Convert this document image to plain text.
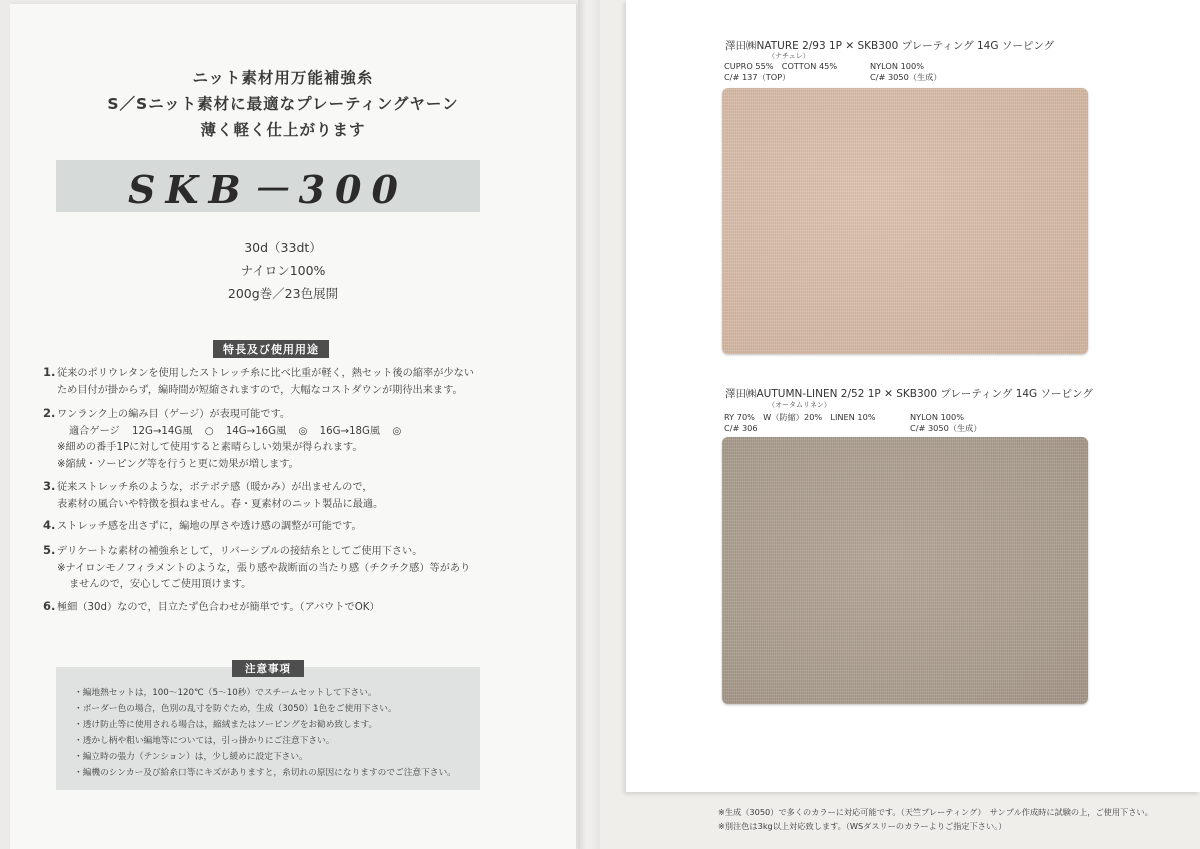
ニット素材用万能補強糸
S／Sニット素材に最適なプレーティングヤーン
薄く軽く仕上がります
SKB－300
30d（33dt）
ナイロン100%
200g巻／23色展開
特長及び使用用途
1. 従来のポリウレタンを使用したストレッチ糸に比べ比重が軽く，熱セット後の縮率が少ない
ため目付が掛からず，編時間が短縮されますので，大幅なコストダウンが期待出来ます。
2. ワンランク上の編み目（ゲージ）が表現可能です。
適合ゲージ 12G→14G風 ○ 14G→16G風 ◎ 16G→18G風 ◎
※細めの番手1Pに対して使用すると素晴らしい効果が得られます。
※縮絨・ソーピング等を行うと更に効果が増します。
3. 従来ストレッチ糸のような，ボテボテ感（暖かみ）が出ませんので，
表素材の風合いや特徴を損ねません。春・夏素材のニット製品に最適。
4. ストレッチ感を出さずに，編地の厚さや透け感の調整が可能です。
5. デリケートな素材の補強糸として，リバーシブルの接結糸としてご使用下さい。
※ナイロンモノフィラメントのような，張り感や裁断面の当たり感（チクチク感）等があり
ませんので，安心してご使用頂けます。
6. 極細（30d）なので，目立たず色合わせが簡単です。（アバウトでOK）
注意事項
・ 編地熱セットは，100～120℃（5～10秒）でスチームセットして下さい。
・ ボーダー色の場合，色別の乱寸を防ぐため，生成（3050）1色をご使用下さい。
・ 透け防止等に使用される場合は，縮絨またはソーピングをお勧め致します。
・ 透かし柄や粗い編地等については，引っ掛かりにご注意下さい。
・ 編立時の張力（テンション）は，少し緩めに設定下さい。
・ 編機のシンカー及び給糸口等にキズがありますと，糸切れの原因になりますのでご注意下さい。
澤田㈱NATURE 2/93 1P ✕ SKB300 プレーティング 14G ソーピング
（ナチュレ）
CUPRO 55%　COTTON 45%
C/# 137（TOP）
NYLON 100%
C/# 3050（生成）
澤田㈱AUTUMN-LINEN 2/52 1P ✕ SKB300 プレーティング 14G ソーピング
（オータムリネン）
RY 70%　W（防縮）20%　LINEN 10%
C/# 306
NYLON 100%
C/# 3050（生成）
※生成（3050）で多くのカラーに対応可能です。（天竺プレーティング）　サンプル作成時に試験の上，ご使用下さい。
※別注色は3kg以上対応致します。（WSダスリーのカラーよりご指定下さい。）
